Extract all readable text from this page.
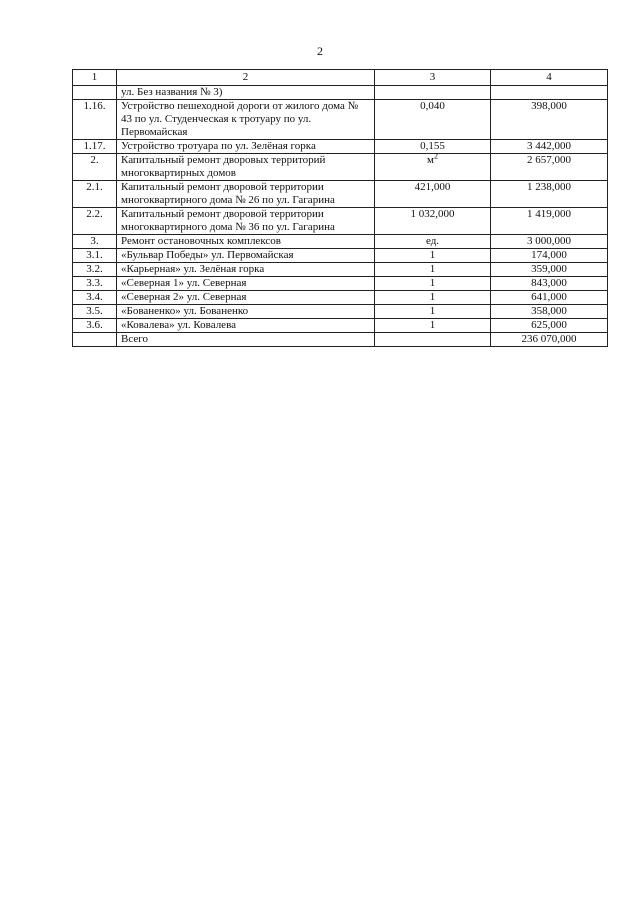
2
1	2	3	4
	ул. Без названия № 3)		
1.16.	Устройство пешеходной дороги от жилого дома № 43 по ул. Студенческая к тротуару по ул. Первомайская	0,040	398,000
1.17.	Устройство тротуара по ул. Зелёная горка	0,155	3 442,000
2.	Капитальный ремонт дворовых территорий многоквартирных домов	$м^2$	2 657,000
2.1.	Капитальный ремонт дворовой территории многоквартирного дома № 26 по ул. Гагарина	421,000	1 238,000
2.2.	Капитальный ремонт дворовой территории многоквартирного дома № 36 по ул. Гагарина	1 032,000	1 419,000
3.	Ремонт остановочных комплексов	ед.	3 000,000
3.1.	«Бульвар Победы» ул. Первомайская	1	174,000
3.2.	«Карьерная» ул. Зелёная горка	1	359,000
3.3.	«Северная 1» ул. Северная	1	843,000
3.4.	«Северная 2» ул. Северная	1	641,000
3.5.	«Бованенко» ул. Бованенко	1	358,000
3.6.	«Ковалева» ул. Ковалева	1	625,000
	Всего		236 070,000
